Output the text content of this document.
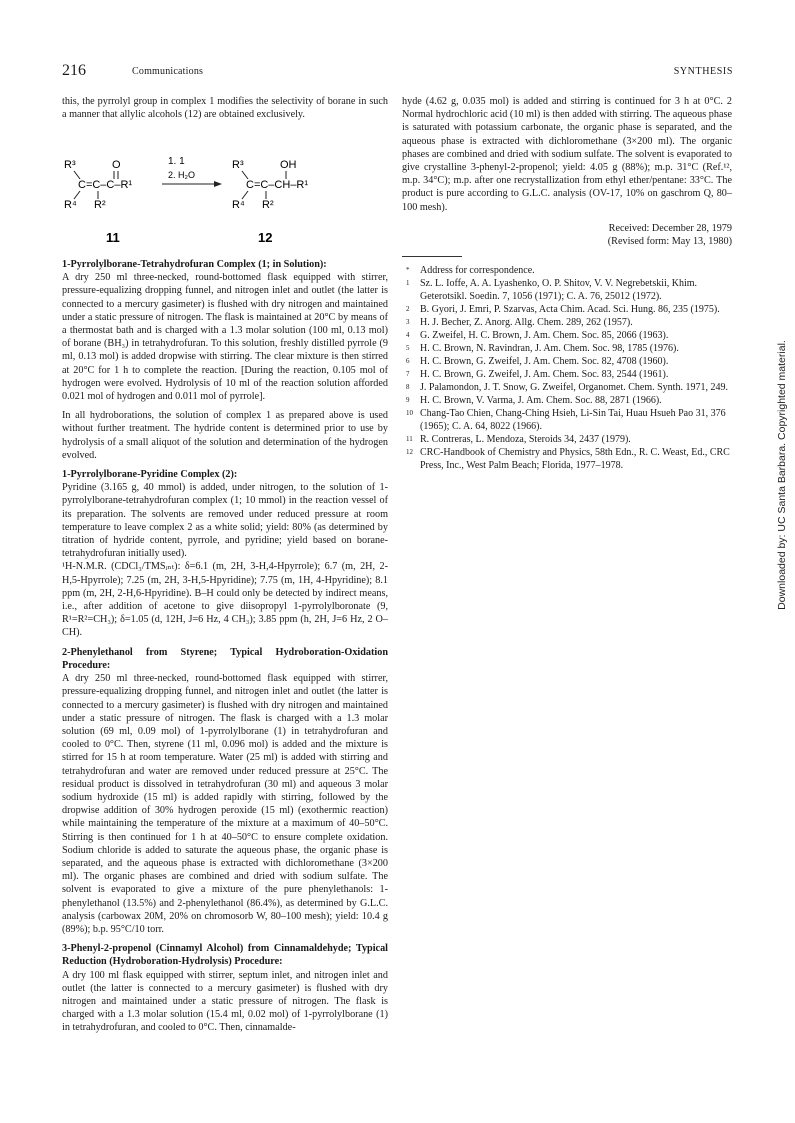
216	Communications	SYNTHESIS

this, the pyrrolyl group in complex 1 modifies the selectivity of borane in such a manner that allylic alcohols (12) are obtained exclusively.

R³	O
C=C–C–R¹
R⁴ R²
11
1. 1
2. H₂O
R³	OH
C=C–CH–R¹
R⁴ R²
12

1-Pyrrolylborane-Tetrahydrofuran Complex (1; in Solution):

A dry 250 ml three-necked, round-bottomed flask equipped with stirrer, pressure-equalizing dropping funnel, and nitrogen inlet and outlet (the latter is connected to a mercury gasimeter) is flushed with dry nitrogen and maintained under a static pressure of nitrogen. The flask is maintained at 20°C by means of a thermostat bath and is charged with a 1.3 molar solution (100 ml, 0.13 mol) of borane (BH₃) in tetrahydrofuran. To this solution, freshly distilled pyrrole (9 ml, 0.13 mol) is added dropwise with stirring. The clear mixture is then stirred at 20°C for 1 h to complete the reaction. [During the reaction, 0.105 mol of hydrogen were evolved. Hydrolysis of 10 ml of the reaction solution afforded 0.021 mol of hydrogen and 0.011 mol of pyrrole].

In all hydroborations, the solution of complex 1 as prepared above is used without further treatment. The hydride content is determined prior to use by hydrolysis of a small aliquot of the solution and determination of the hydrogen evolved.

1-Pyrrolylborane-Pyridine Complex (2):

Pyridine (3.165 g, 40 mmol) is added, under nitrogen, to the solution of 1-pyrrolylborane-tetrahydrofuran complex (1; 10 mmol) in the reaction vessel of its preparation. The solvents are removed under reduced pressure at room temperature to leave complex 2 as a white solid; yield: 80% (as determined by titration of hydride content, pyrrole, and pyridine; yield based on borane-tetrahydrofuran initially used).

¹H-N.M.R. (CDCl₃/TMSᵢₙₜ): δ=6.1 (m, 2H, 3-H,4-Hpyrrole); 6.7 (m, 2H, 2-H,5-Hpyrrole); 7.25 (m, 2H, 3-H,5-Hpyridine); 7.75 (m, 1H, 4-Hpyridine); 8.1 ppm (m, 2H, 2-H,6-Hpyridine). B–H could only be detected by indirect means, i.e., after addition of acetone to give diisopropyl 1-pyrrolylboronate (9, R¹=R²=CH₃); δ=1.05 (d, 12H, J=6 Hz, 4 CH₃); 3.85 ppm (h, 2H, J=6 Hz, 2 O–CH).

2-Phenylethanol from Styrene; Typical Hydroboration-Oxidation Procedure:

A dry 250 ml three-necked, round-bottomed flask equipped with stirrer, pressure-equalizing dropping funnel, and nitrogen inlet and outlet (the latter is connected to a mercury gasimeter) is flushed with dry nitrogen and maintained under a static pressure of nitrogen. The flask is charged with a 1.3 molar solution (69 ml, 0.09 mol) of 1-pyrrolylborane (1) in tetrahydrofuran and cooled to 0°C. Then, styrene (11 ml, 0.096 mol) is added and the mixture is stirred for 15 h at room temperature. Water (25 ml) is added with stirring and tetrahydrofuran and water are removed under reduced pressure at 25°C. The residual product is dissolved in tetrahydrofuran (30 ml) and aqueous 3 molar sodium hydroxide (15 ml) is added rapidly with stirring, followed by the dropwise addition of 30% hydrogen peroxide (15 ml) (exothermic reaction) while maintaining the temperature of the mixture at a maximum of 40–50°C. Stirring is then continued for 1 h at 40–50°C to ensure complete oxidation. Sodium chloride is added to saturate the aqueous phase, the organic phase is separated, and the aqueous phase is extracted with dichloromethane (3×200 ml). The organic phases are combined and dried with sodium sulfate. The solvent is evaporated to give a mixture of the pure phenylethanols: 1-phenylethanol (13.5%) and 2-phenylethanol (86.4%), as determined by G.L.C. analysis (carbowax 20M, 20% on chromosorb W, 80–100 mesh); yield: 10.4 g (89%); b.p. 95°C/10 torr.

3-Phenyl-2-propenol (Cinnamyl Alcohol) from Cinnamaldehyde; Typical Reduction (Hydroboration-Hydrolysis) Procedure:

A dry 100 ml flask equipped with stirrer, septum inlet, and nitrogen inlet and outlet (the latter is connected to a mercury gasimeter) is flushed with dry nitrogen and maintained under a static pressure of nitrogen. The flask is charged with a 1.3 molar solution (15.4 ml, 0.02 mol) of 1-pyrrolylborane (1) in tetrahydrofuran, and cooled to 0°C. Then, cinnamalde-

hyde (4.62 g, 0.035 mol) is added and stirring is continued for 3 h at 0°C. 2 Normal hydrochloric acid (10 ml) is then added with stirring. The aqueous phase is saturated with potassium carbonate, the organic phase is separated, and the aqueous phase is extracted with dichloromethane (3×200 ml). The organic phases are combined and dried with sodium sulfate. The solvent is evaporated to give crystalline 3-phenyl-2-propenol; yield: 4.05 g (88%); m.p. 31°C (Ref.¹², m.p. 34°C); m.p. after one recrystallization from ethyl ether/pentane: 33°C. The product is pure according to G.L.C. analysis (OV-17, 10% on gaschrom Q, 80–100 mesh).

Received: December 28, 1979

(Revised form: May 13, 1980)

*	Address for correspondence.
1	Sz. L. Ioffe, A. A. Lyashenko, O. P. Shitov, V. V. Negrebetskii, Khim. Geterotsikl. Soedin. 7, 1056 (1971); C. A. 76, 25012 (1972).
2	B. Gyori, J. Emri, P. Szarvas, Acta Chim. Acad. Sci. Hung. 86, 235 (1975).
3	H. J. Becher, Z. Anorg. Allg. Chem. 289, 262 (1957).
4	G. Zweifel, H. C. Brown, J. Am. Chem. Soc. 85, 2066 (1963).
5	H. C. Brown, N. Ravindran, J. Am. Chem. Soc. 98, 1785 (1976).
6	H. C. Brown, G. Zweifel, J. Am. Chem. Soc. 82, 4708 (1960).
7	H. C. Brown, G. Zweifel, J. Am. Chem. Soc. 83, 2544 (1961).
8	J. Palamondon, J. T. Snow, G. Zweifel, Organomet. Chem. Synth. 1971, 249.
9	H. C. Brown, V. Varma, J. Am. Chem. Soc. 88, 2871 (1966).
10 Chang-Tao Chien, Chang-Ching Hsieh, Li-Sin Tai, Huau Hsueh Pao 31, 376 (1965); C. A. 64, 8022 (1966).
11 R. Contreras, L. Mendoza, Steroids 34, 2437 (1979).
12 CRC-Handbook of Chemistry and Physics, 58th Edn., R. C. Weast, Ed., CRC Press, Inc., West Palm Beach; Florida, 1977–1978.	Downloaded by: UC Santa Barbara. Copyrighted material.
